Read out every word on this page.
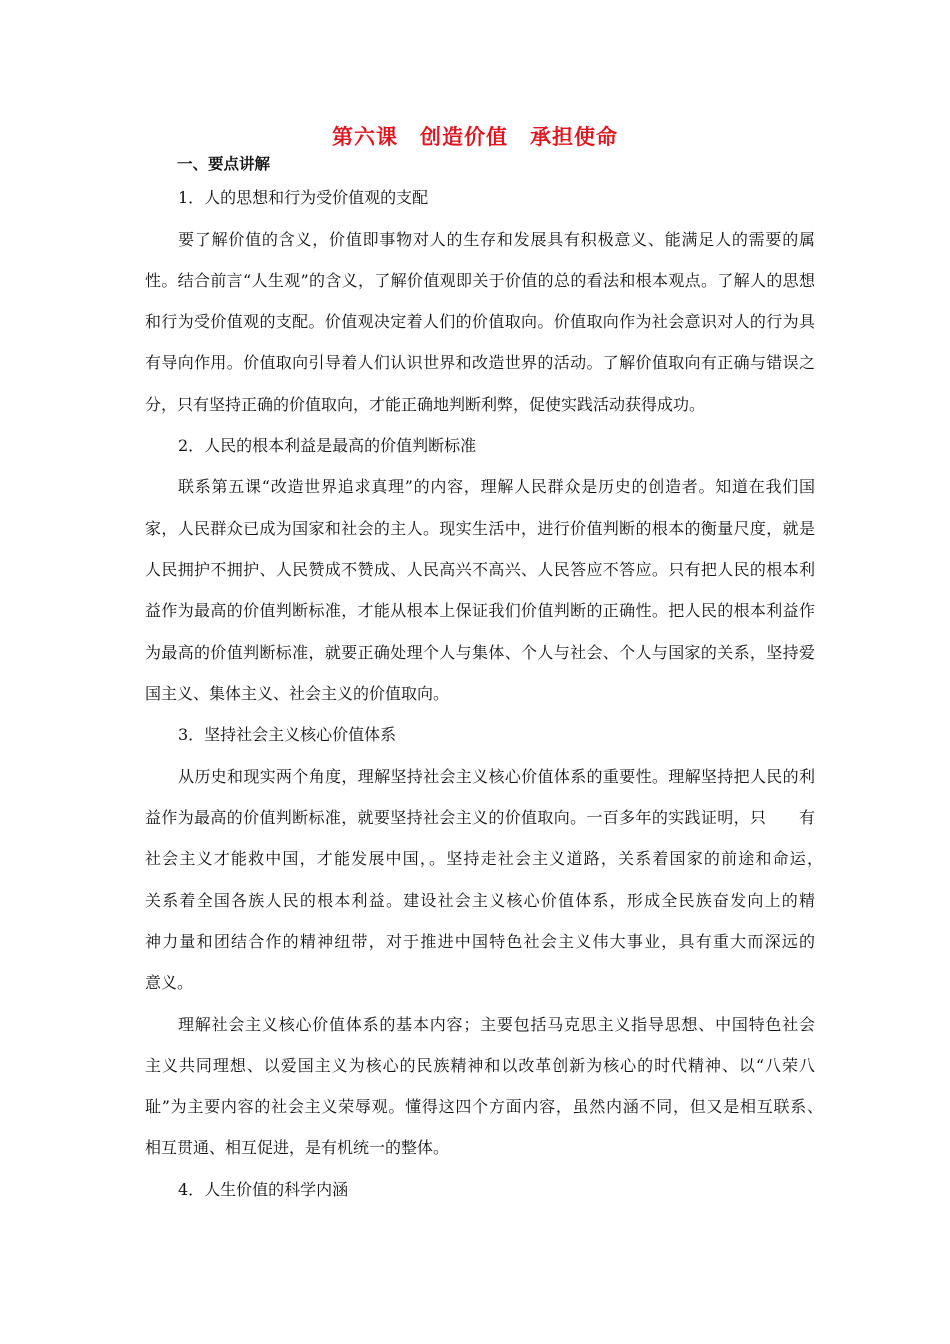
第六课　创造价值　承担使命
一、要点讲解

1．人的思想和行为受价值观的支配

要了解价值的含义，价值即事物对人的生存和发展具有积极意义、能满足人的需要的属性。结合前言“人生观”的含义，了解价值观即关于价值的总的看法和根本观点。了解人的思想和行为受价值观的支配。价值观决定着人们的价值取向。价值取向作为社会意识对人的行为具有导向作用。价值取向引导着人们认识世界和改造世界的活动。了解价值取向有正确与错误之分，只有坚持正确的价值取向，才能正确地判断利弊，促使实践活动获得成功。

2．人民的根本利益是最高的价值判断标准

联系第五课“改造世界追求真理”的内容，理解人民群众是历史的创造者。知道在我们国家，人民群众已成为国家和社会的主人。现实生活中，进行价值判断的根本的衡量尺度，就是人民拥护不拥护、人民赞成不赞成、人民高兴不高兴、人民答应不答应。只有把人民的根本利益作为最高的价值判断标准，才能从根本上保证我们价值判断的正确性。把人民的根本利益作为最高的价值判断标准，就要正确处理个人与集体、个人与社会、个人与国家的关系，坚持爱国主义、集体主义、社会主义的价值取向。

3．坚持社会主义核心价值体系

从历史和现实两个角度，理解坚持社会主义核心价值体系的重要性。理解坚持把人民的利益作为最高的价值判断标准，就要坚持社会主义的价值取向。一百多年的实践证明，只　　有社会主义才能救中国，才能发展中国，。坚持走社会主义道路，关系着国家的前途和命运，　　关系着全国各族人民的根本利益。建设社会主义核心价值体系，形成全民族奋发向上的精　　神力量和团结合作的精神纽带，对于推进中国特色社会主义伟大事业，具有重大而深远的　　意义。

理解社会主义核心价值体系的基本内容；主要包括马克思主义指导思想、中国特色社会　　主义共同理想、以爱国主义为核心的民族精神和以改革创新为核心的时代精神、以“八荣八　　耻”为主要内容的社会主义荣辱观。懂得这四个方面内容，虽然内涵不同，但又是相互联系、　　相互贯通、相互促进，是有机统一的整体。

4．人生价值的科学内涵
